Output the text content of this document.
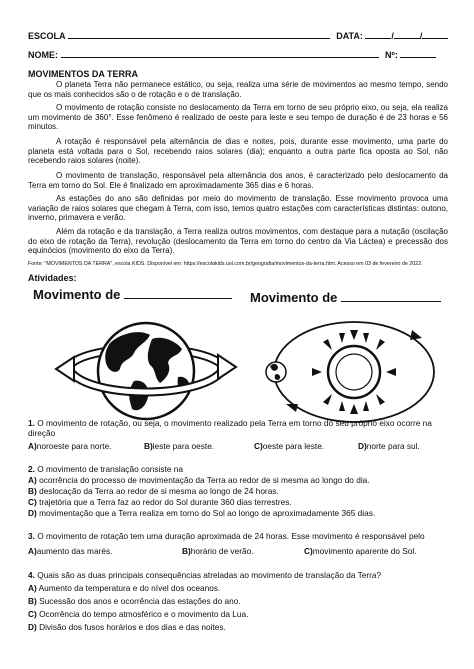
ESCOLA	DATA:	/	/
NOME:	Nº:
MOVIMENTOS DA TERRA

O planeta Terra não permanece estático, ou seja, realiza uma série de movimentos ao mesmo tempo, sendo que os mais conhecidos são o de rotação e o de translação.

O movimento de rotação consiste no deslocamento da Terra em torno de seu próprio eixo, ou seja, ela realiza um movimento de 360°. Esse fenômeno é realizado de oeste para leste e seu tempo de duração é de 23 horas e 56 minutos.

A rotação é responsável pela alternância de dias e noites, pois, durante esse movimento, uma parte do planeta está voltada para o Sol, recebendo raios solares (dia); enquanto a outra parte fica oposta ao Sol, não recebendo raios solares (noite).

O movimento de translação, responsável pela alternância dos anos, é caracterizado pelo deslocamento da Terra em torno do Sol. Ele é finalizado em aproximadamente 365 dias e 6 horas.

As estações do ano são definidas por meio do movimento de translação. Esse movimento provoca uma variação de raios solares que chegam à Terra, com isso, temos quatro estações com características distintas: outono, inverno, primavera e verão.

Além da rotação e da translação, a Terra realiza outros movimentos, com destaque para a nutação (oscilação do eixo de rotação da Terra), revolução (deslocamento da Terra em torno do centro da Via Láctea) e precessão dos equinócios (movimento do eixo da Terra).

Fonte: "MOVIMENTOS DA TERRA", escola KIDS. Disponível em: https://escolakids.uol.com.br/geografia/movimentos-da-terra.htm. Acesso em 03 de fevereiro de 2022.
Atividades:
Movimento de	Movimento de

1. O movimento de rotação, ou seja, o movimento realizado pela Terra em torno do seu próprio eixo ocorre na direção

A) noroeste para norte.	B) leste para oeste.	C) oeste para leste.	D) norte para sul.

2. O movimento de translação consiste na

A) ocorrência do processo de movimentação da Terra ao redor de si mesma ao longo do dia.
B) deslocação da Terra ao redor de si mesma ao longo de 24 horas.
C) trajetória que a Terra faz ao redor do Sol durante 360 dias terrestres.
D) movimentação que a Terra realiza em torno do Sol ao longo de aproximadamente 365 dias.

3. O movimento de rotação tem uma duração aproximada de 24 horas. Esse movimento é responsável pelo

A) aumento das marés.	B) horário de verão.	C) movimento aparente do Sol.

4. Quais são as duas principais consequências atreladas ao movimento de translação da Terra?

A) Aumento da temperatura e do nível dos oceanos.
B) Sucessão dos anos e ocorrência das estações do ano.
C) Ocorrência do tempo atmosférico e o movimento da Lua.
D) Divisão dos fusos horários e dos dias e das noites.
